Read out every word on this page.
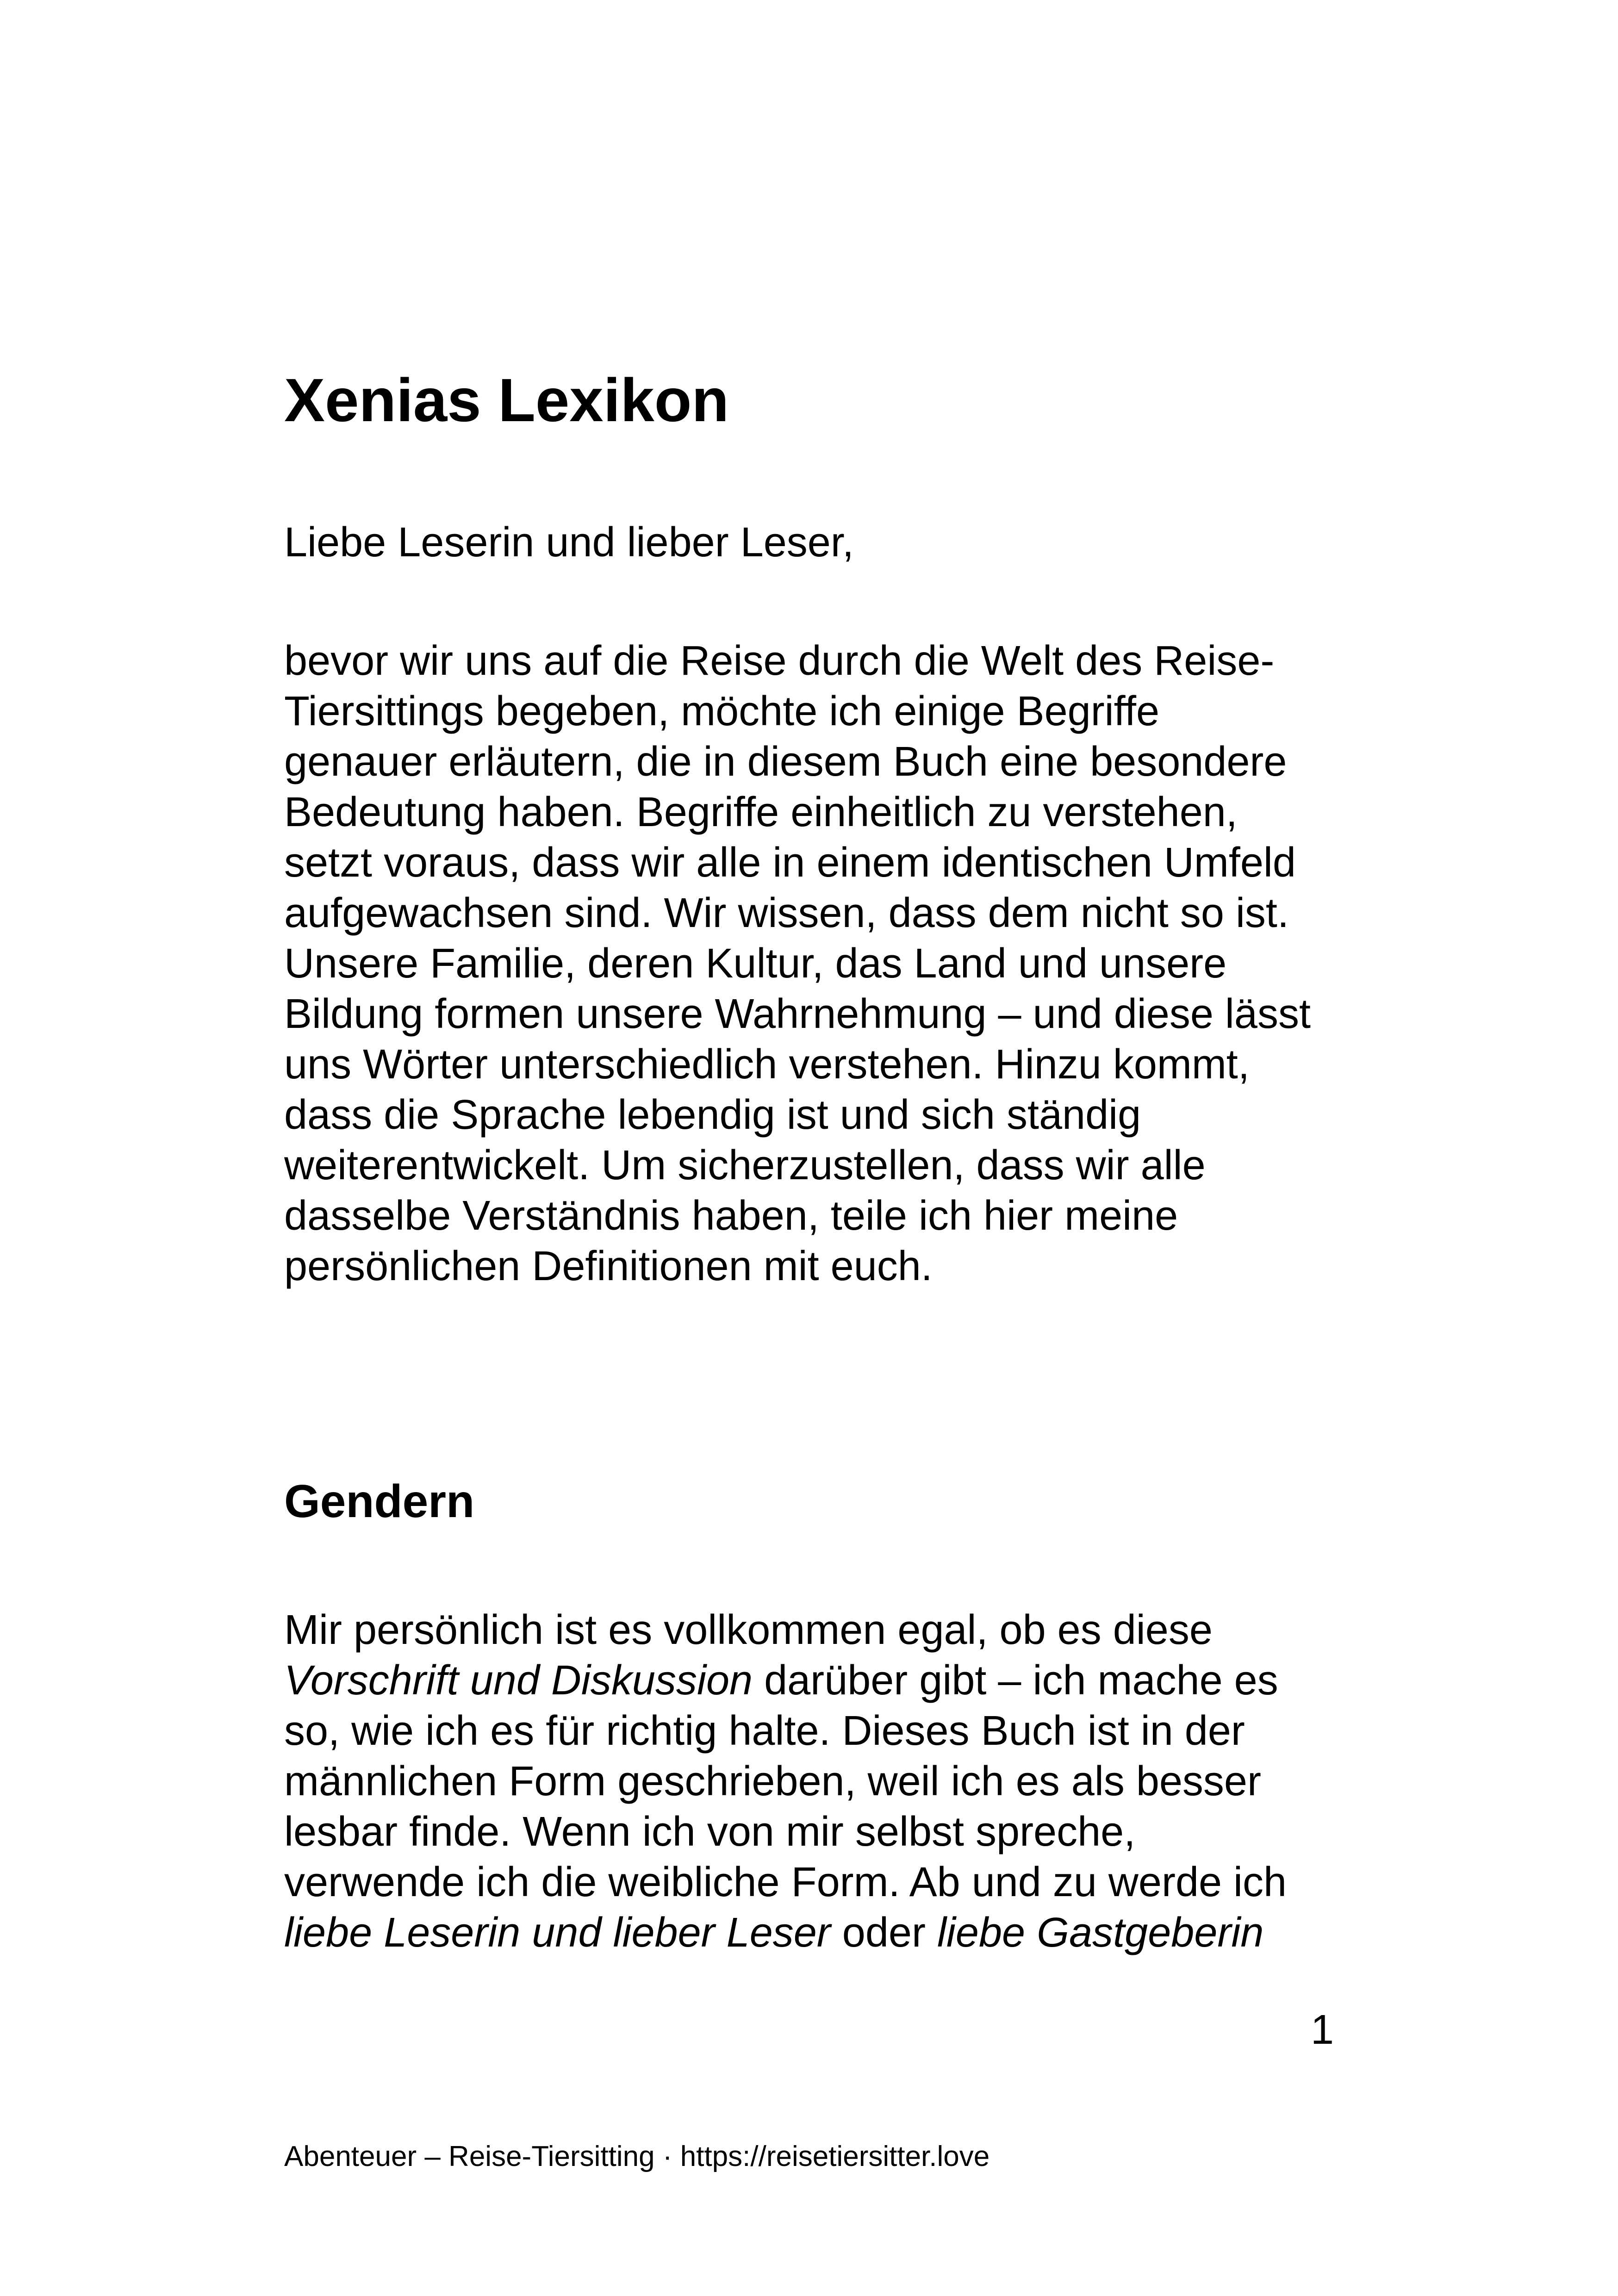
Xenias Lexikon

Liebe Leserin und lieber Leser,

bevor wir uns auf die Reise durch die Welt des Reise-
Tiersittings begeben, möchte ich einige Begriffe
genauer erläutern, die in diesem Buch eine besondere
Bedeutung haben. Begriffe einheitlich zu verstehen,
setzt voraus, dass wir alle in einem identischen Umfeld
aufgewachsen sind. Wir wissen, dass dem nicht so ist.
Unsere Familie, deren Kultur, das Land und unsere
Bildung formen unsere Wahrnehmung – und diese lässt
uns Wörter unterschiedlich verstehen. Hinzu kommt,
dass die Sprache lebendig ist und sich ständig
weiterentwickelt. Um sicherzustellen, dass wir alle
dasselbe Verständnis haben, teile ich hier meine
persönlichen Definitionen mit euch.

Gendern

Mir persönlich ist es vollkommen egal, ob es diese
Vorschrift und Diskussion darüber gibt – ich mache es
so, wie ich es für richtig halte. Dieses Buch ist in der
männlichen Form geschrieben, weil ich es als besser
lesbar finde. Wenn ich von mir selbst spreche,
verwende ich die weibliche Form. Ab und zu werde ich
liebe Leserin und lieber Leser oder liebe Gastgeberin

1

Abenteuer – Reise-Tiersitting · https://reisetiersitter.love
